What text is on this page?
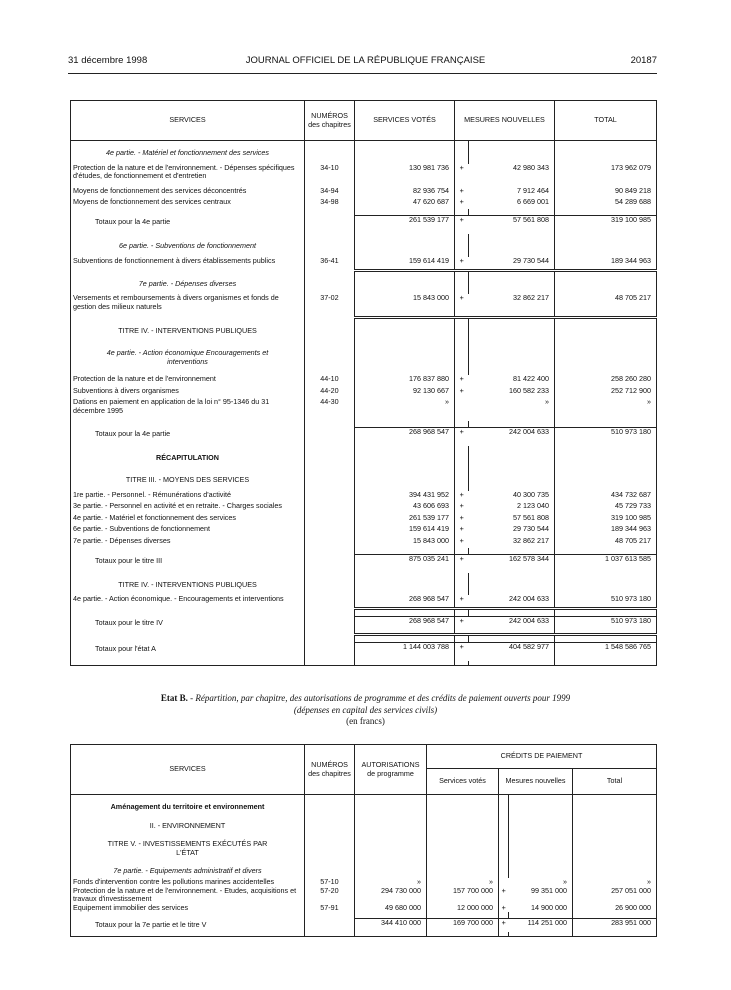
31 décembre 1998	JOURNAL OFFICIEL DE LA RÉPUBLIQUE FRANÇAISE	20187
SERVICES	NUMÉROS des chapitres	SERVICES VOTÉS	MESURES NOUVELLES		TOTAL

4e partie. - Matériel et fonctionnement des services					
Protection de la nature et de l'environnement. - Dépenses spécifiques d'études, de fonctionnement et d'entretien	34-10	130 981 736	+	42 980 343	173 962 079
Moyens de fonctionnement des services déconcentrés	34-94	82 936 754	+	7 912 464	90 849 218
Moyens de fonctionnement des services centraux	34-98	47 620 687	+	6 669 001	54 289 688

Totaux pour la 4e partie		261 539 177	+	57 561 808	319 100 985

6e partie. - Subventions de fonctionnement					
Subventions de fonctionnement à divers établissements publics	36-41	159 614 419	+	29 730 544	189 344 963

7e partie. - Dépenses diverses					
Versements et remboursements à divers organismes et fonds de gestion des milieux naturels	37-02	15 843 000	+	32 862 217	48 705 217

TITRE IV. - INTERVENTIONS PUBLIQUES					

4e partie. - Action économique Encouragements et interventions					
Protection de la nature et de l'environnement	44-10	176 837 880	+	81 422 400	258 260 280
Subventions à divers organismes	44-20	92 130 667	+	160 582 233	252 712 900
Dations en paiement en application de la loi n° 95-1346 du 31 décembre 1995	44-30	»		»	»

Totaux pour la 4e partie		268 968 547	+	242 004 633	510 973 180

RÉCAPITULATION					

TITRE III. - MOYENS DES SERVICES					
1re partie. - Personnel. - Rémunérations d'activité		394 431 952	+	40 300 735	434 732 687
3e partie. - Personnel en activité et en retraite. - Charges sociales		43 606 693	+	2 123 040	45 729 733
4e partie. - Matériel et fonctionnement des services		261 539 177	+	57 561 808	319 100 985
6e partie. - Subventions de fonctionnement		159 614 419	+	29 730 544	189 344 963
7e partie. - Dépenses diverses		15 843 000	+	32 862 217	48 705 217

Totaux pour le titre III		875 035 241	+	162 578 344	1 037 613 585

TITRE IV. - INTERVENTIONS PUBLIQUES					
4e partie. - Action économique. - Encouragements et interventions		268 968 547	+	242 004 633	510 973 180

Totaux pour le titre IV		268 968 547	+	242 004 633	510 973 180

Totaux pour l'état A		1 144 003 788	+	404 582 977	1 548 586 765

Etat B. - Répartition, par chapitre, des autorisations de programme et des crédits de paiement ouverts pour 1999
(dépenses en capital des services civils)
(en francs)
SERVICES	NUMÉROS des chapitres	AUTORISATIONS de programme	CRÉDITS DE PAIEMENT			
			Services votés	Mesures nouvelles		Total

Aménagement du territoire et environnement						

II. - ENVIRONNEMENT						

TITRE V. - INVESTISSEMENTS EXÉCUTÉS PAR L'ÉTAT						

7e partie. - Equipements administratif et divers						
Fonds d'intervention contre les pollutions marines accidentelles	57-10	»	»		»	»
Protection de la nature et de l'environnement. - Etudes, acquisitions et travaux d'investissement	57-20	294 730 000	157 700 000	+	99 351 000	257 051 000
Equipement immobilier des services	57-91	49 680 000	12 000 000	+	14 900 000	26 900 000

Totaux pour la 7e partie et le titre V		344 410 000	169 700 000	+	114 251 000	283 951 000
